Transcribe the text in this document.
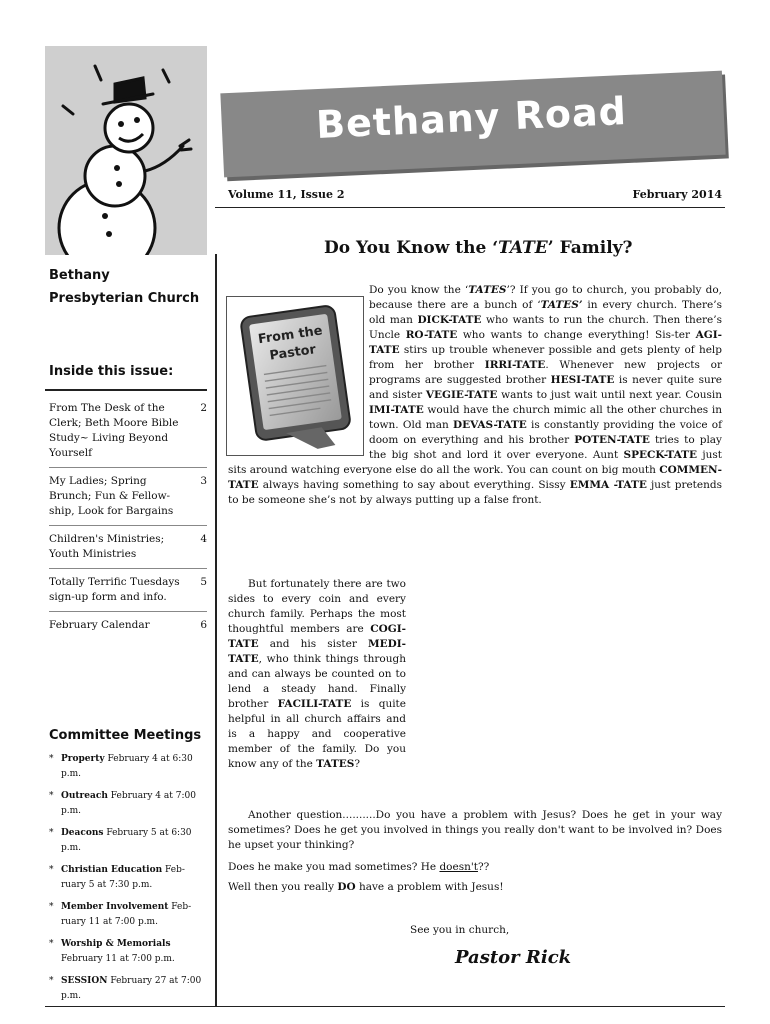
Bethany
Presbyterian Church
Inside this issue:
From The Desk of the Clerk; Beth Moore Bible Study~ Living Beyond Yourself
2
My Ladies; Spring Brunch; Fun & Fellow-ship, Look for Bargains
3
Children's Ministries; Youth Ministries
4
Totally Terrific Tuesdays sign-up form and info.
5
February Calendar	6
Committee Meetings
* Property February 4 at 6:30 p.m.
* Outreach February 4 at 7:00 p.m.
* Deacons February 5 at 6:30 p.m.
* Christian Education Feb-ruary 5 at 7:30 p.m.
* Member Involvement Feb-ruary 11 at 7:00 p.m.
* Worship & Memorials February 11 at 7:00 p.m.
* SESSION February 27 at 7:00 p.m.
Bethany Road
Volume 11, Issue 2	February 2014
Do You Know the ‘TATE’ Family?
Do you know the ‘TATES’? If you go to church, you probably do, because there are a bunch of ‘TATES’ in every church. There’s old man DICK-TATE who wants to run the church. Then there’s Uncle RO-TATE who wants to change everything! Sis-ter AGI-TATE stirs up trouble whenever possible and gets plenty of help from her brother IRRI-TATE. Whenever new projects or programs are suggested brother HESI-TATE is never quite sure and sister VEGIE-TATE wants to just wait until next year. Cousin IMI-TATE would have the church mimic all the other churches in town. Old man DEVAS-TATE is constantly providing the voice of doom on everything and his brother POTEN-TATE tries to play the big shot and lord it over everyone. Aunt SPECK-TATE just sits around watching everyone else do all the work. You can count on big mouth COMMEN-TATE always having something to say about everything. Sissy EMMA -TATE just pretends to be someone she’s not by always putting up a false front.
From the
Pastor
But fortunately there are two sides to every coin and every church family. Perhaps the most thoughtful members are COGI-TATE and his sister MEDI-TATE, who think things through and can always be counted on to lend a steady hand. Finally brother FACILI-TATE is quite helpful in all church affairs and is a happy and cooperative member of the family. Do you know any of the TATES?
Another question..........Do you have a problem with Jesus? Does he get in your way sometimes? Does he get you involved in things you really don't want to be involved in? Does he upset your thinking?
Does he make you mad sometimes? He doesn't??
Well then you really DO have a problem with Jesus!
See you in church,
Pastor Rick
